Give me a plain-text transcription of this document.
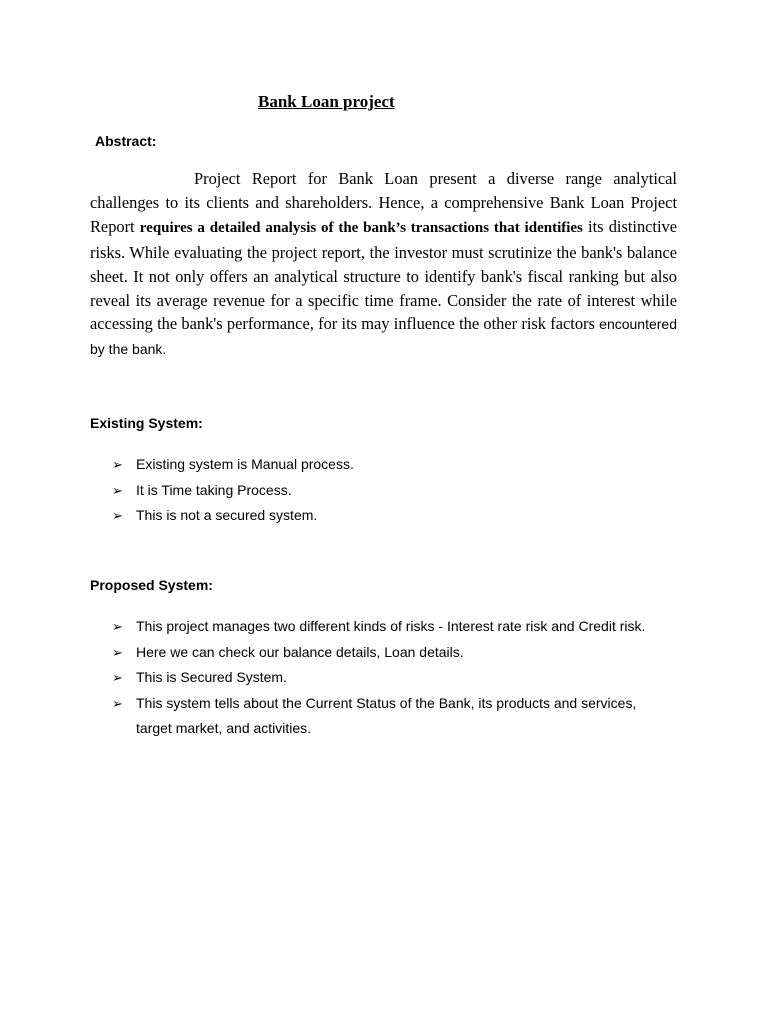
Bank Loan project
Abstract:

Project Report for Bank Loan present a diverse range analytical challenges to its clients and shareholders. Hence, a comprehensive Bank Loan Project Report requires a detailed analysis of the bank’s transactions that identifies its distinctive risks. While evaluating the project report, the investor must scrutinize the bank's balance sheet. It not only offers an analytical structure to identify bank's fiscal ranking but also reveal its average revenue for a specific time frame. Consider the rate of interest while accessing the bank's performance, for its may influence the other risk factors encountered by the bank.

Existing System:
➢ Existing system is Manual process.
➢ It is Time taking Process.
➢ This is not a secured system.
Proposed System:
➢ This project manages two different kinds of risks - Interest rate risk and Credit risk.
➢ Here we can check our balance details, Loan details.
➢ This is Secured System.
➢ This system tells about the Current Status of the Bank, its products and services, target market, and activities.
